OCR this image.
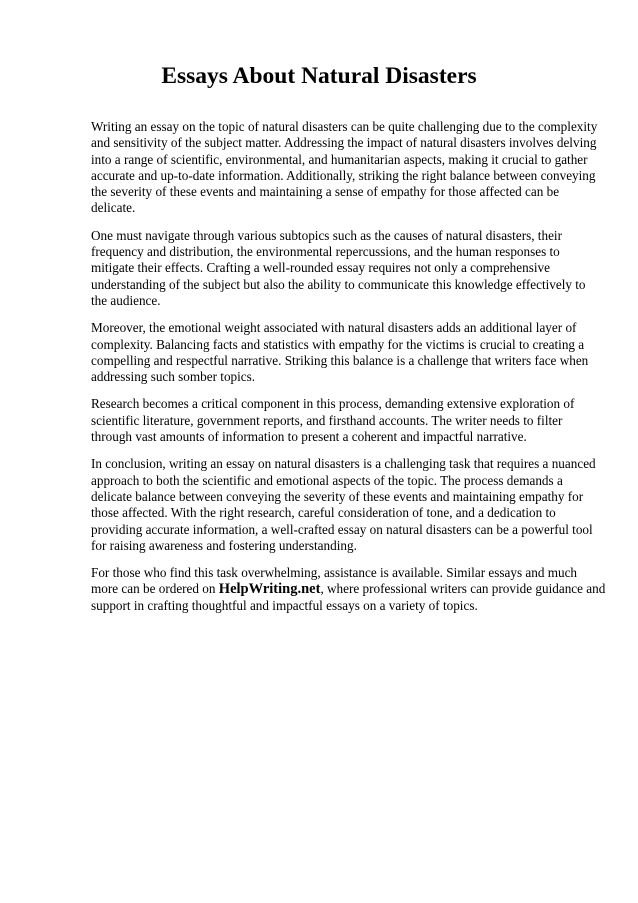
Essays About Natural Disasters

Writing an essay on the topic of natural disasters can be quite challenging due to the complexity
and sensitivity of the subject matter. Addressing the impact of natural disasters involves delving
into a range of scientific, environmental, and humanitarian aspects, making it crucial to gather
accurate and up-to-date information. Additionally, striking the right balance between conveying
the severity of these events and maintaining a sense of empathy for those affected can be
delicate.

One must navigate through various subtopics such as the causes of natural disasters, their
frequency and distribution, the environmental repercussions, and the human responses to
mitigate their effects. Crafting a well-rounded essay requires not only a comprehensive
understanding of the subject but also the ability to communicate this knowledge effectively to
the audience.

Moreover, the emotional weight associated with natural disasters adds an additional layer of
complexity. Balancing facts and statistics with empathy for the victims is crucial to creating a
compelling and respectful narrative. Striking this balance is a challenge that writers face when
addressing such somber topics.

Research becomes a critical component in this process, demanding extensive exploration of
scientific literature, government reports, and firsthand accounts. The writer needs to filter
through vast amounts of information to present a coherent and impactful narrative.

In conclusion, writing an essay on natural disasters is a challenging task that requires a nuanced
approach to both the scientific and emotional aspects of the topic. The process demands a
delicate balance between conveying the severity of these events and maintaining empathy for
those affected. With the right research, careful consideration of tone, and a dedication to
providing accurate information, a well-crafted essay on natural disasters can be a powerful tool
for raising awareness and fostering understanding.

For those who find this task overwhelming, assistance is available. Similar essays and much
more can be ordered on HelpWriting.net, where professional writers can provide guidance and
support in crafting thoughtful and impactful essays on a variety of topics.
